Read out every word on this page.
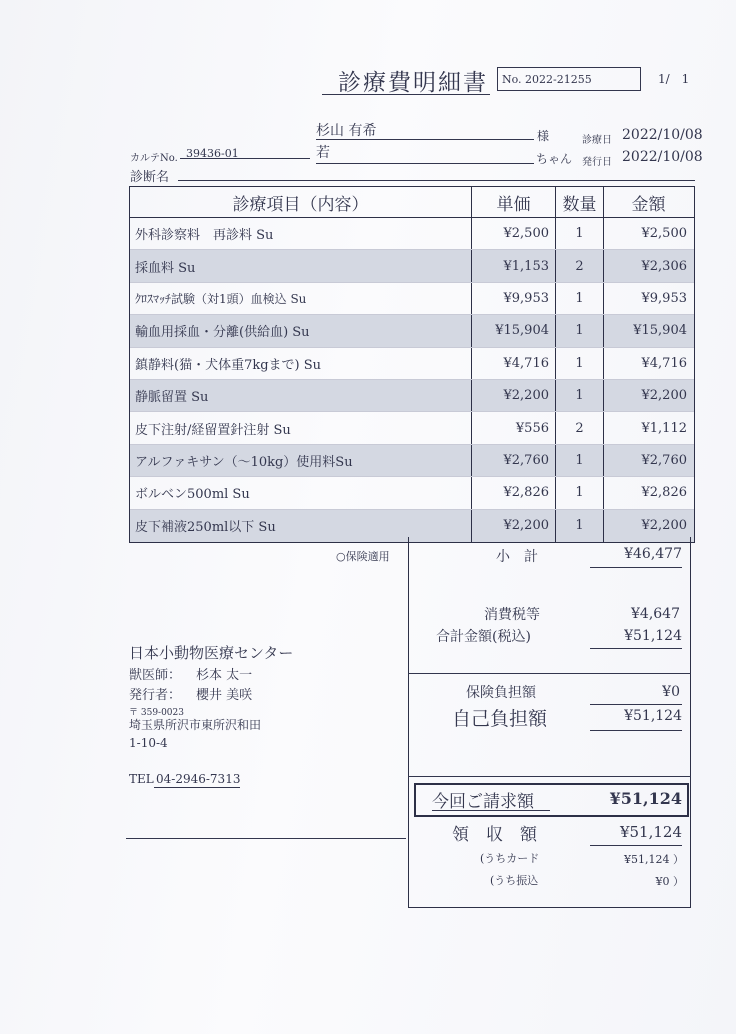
診療費明細書	No. 2022-21255	1/　1
杉山 有希	様	診療日 2022/10/08
カルテNo. 39436-01	若	ちゃん 発行日 2022/10/08
診断名
診療項目（内容）	単価	数量	金額
外科診察料　再診料 Su	¥2,500	1	¥2,500
採血料 Su	¥1,153	2	¥2,306
ｸﾛｽﾏｯﾁ試験（対1頭）血検込 Su	¥9,953	1	¥9,953
輸血用採血・分離(供給血) Su	¥15,904	1	¥15,904
鎮静料(猫・犬体重7kgまで) Su	¥4,716	1	¥4,716
静脈留置 Su	¥2,200	1	¥2,200
皮下注射/経留置針注射 Su	¥556	2	¥1,112
アルファキサン（〜10kg）使用料Su	¥2,760	1	¥2,760
ボルベン500ml Su	¥2,826	1	¥2,826
皮下補液250ml以下 Su	¥2,200	1	¥2,200
○保険適用	小　計	¥46,477
消費税等	¥4,647
合計金額(税込)	¥51,124
保険負担額	¥0
自己負担額	¥51,124
今回ご請求額	¥51,124
領　収　額	¥51,124
(うちカード	¥51,124 ）
(うち振込	¥0 ）
日本小動物医療センター
獣医師： 杉本 太一
発行者： 櫻井 美咲
〒 359-0023
埼玉県所沢市東所沢和田
1-10-4
TEL 04-2946-7313
